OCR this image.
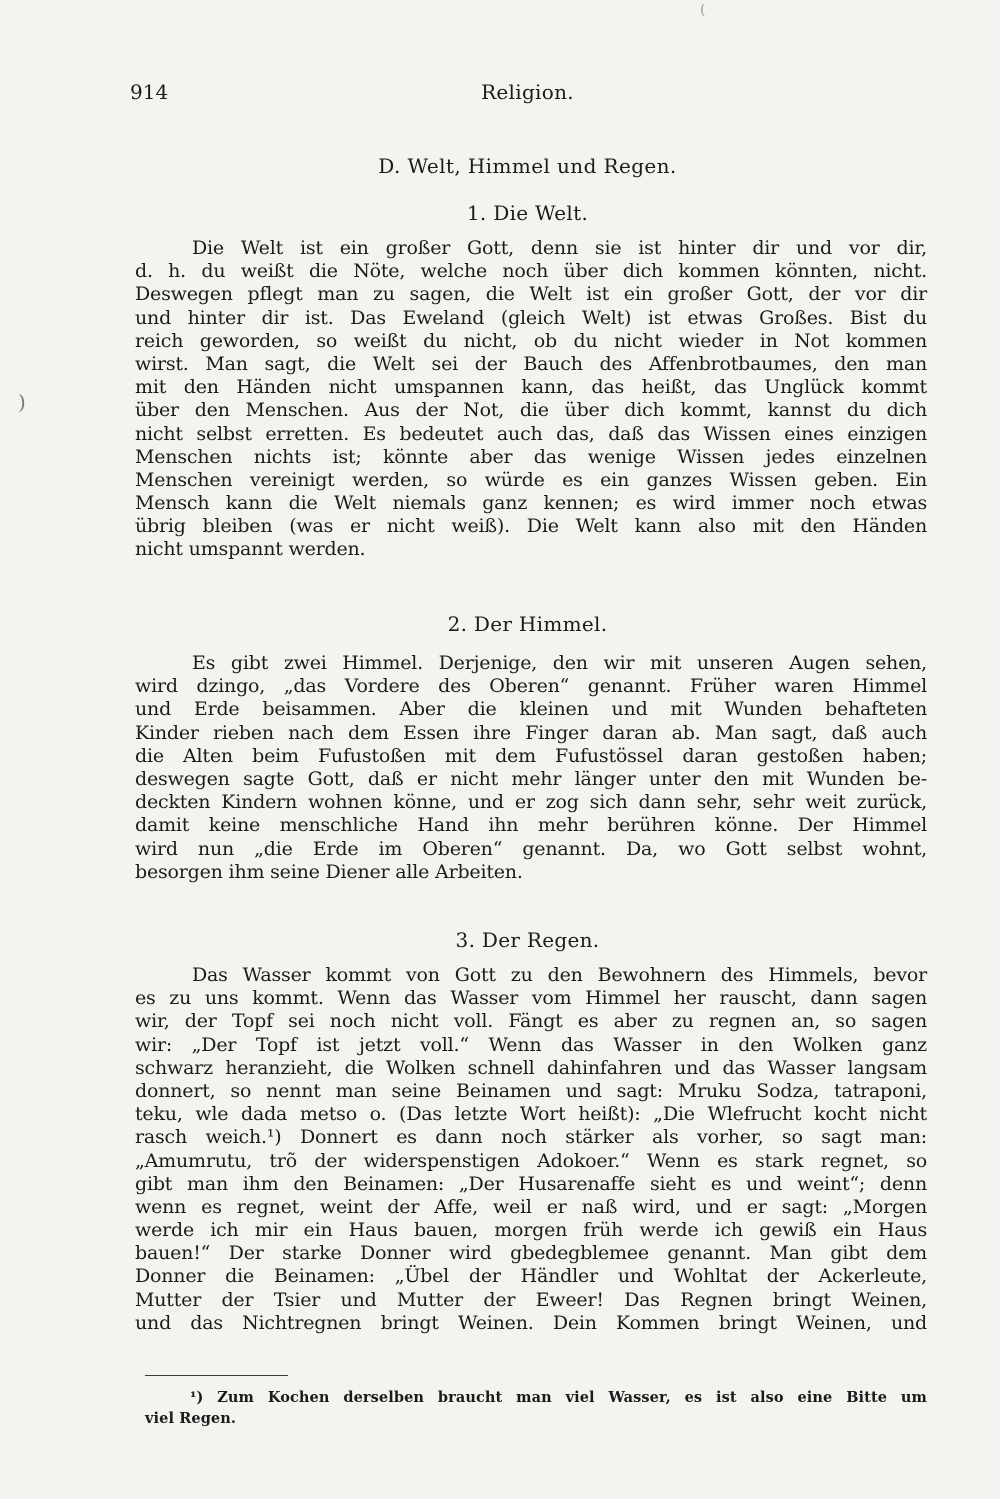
(
)
914	Religion.
D. Welt, Himmel und Regen.
1. Die Welt.
Die Welt ist ein großer Gott, denn sie ist hinter dir und vor dir,
d. h. du weißt die Nöte, welche noch über dich kommen könnten, nicht.
Deswegen pflegt man zu sagen, die Welt ist ein großer Gott, der vor dir
und hinter dir ist. Das Eweland (gleich Welt) ist etwas Großes. Bist du
reich geworden, so weißt du nicht, ob du nicht wieder in Not kommen
wirst. Man sagt, die Welt sei der Bauch des Affenbrotbaumes, den man
mit den Händen nicht umspannen kann, das heißt, das Unglück kommt
über den Menschen. Aus der Not, die über dich kommt, kannst du dich
nicht selbst erretten. Es bedeutet auch das, daß das Wissen eines einzigen
Menschen nichts ist; könnte aber das wenige Wissen jedes einzelnen
Menschen vereinigt werden, so würde es ein ganzes Wissen geben. Ein
Mensch kann die Welt niemals ganz kennen; es wird immer noch etwas
übrig bleiben (was er nicht weiß). Die Welt kann also mit den Händen
nicht umspannt werden.
2. Der Himmel.
Es gibt zwei Himmel. Derjenige, den wir mit unseren Augen sehen,
wird dzingo, „das Vordere des Oberen“ genannt. Früher waren Himmel
und Erde beisammen. Aber die kleinen und mit Wunden behafteten
Kinder rieben nach dem Essen ihre Finger daran ab. Man sagt, daß auch
die Alten beim Fufustoßen mit dem Fufustössel daran gestoßen haben;
deswegen sagte Gott, daß er nicht mehr länger unter den mit Wunden be-
deckten Kindern wohnen könne, und er zog sich dann sehr, sehr weit zurück,
damit keine menschliche Hand ihn mehr berühren könne. Der Himmel
wird nun „die Erde im Oberen“ genannt. Da, wo Gott selbst wohnt,
besorgen ihm seine Diener alle Arbeiten.
3. Der Regen.
Das Wasser kommt von Gott zu den Bewohnern des Himmels, bevor
es zu uns kommt. Wenn das Wasser vom Himmel her rauscht, dann sagen
wir, der Topf sei noch nicht voll. Fängt es aber zu regnen an, so sagen
wir: „Der Topf ist jetzt voll.“ Wenn das Wasser in den Wolken ganz
schwarz heranzieht, die Wolken schnell dahinfahren und das Wasser langsam
donnert, so nennt man seine Beinamen und sagt: Mruku Sodza, tatraponi,
teku, wle dada metso o. (Das letzte Wort heißt): „Die Wlefrucht kocht nicht
rasch weich.¹) Donnert es dann noch stärker als vorher, so sagt man:
„Amumrutu, trõ der widerspenstigen Adokoer.“ Wenn es stark regnet, so
gibt man ihm den Beinamen: „Der Husarenaffe sieht es und weint“; denn
wenn es regnet, weint der Affe, weil er naß wird, und er sagt: „Morgen
werde ich mir ein Haus bauen, morgen früh werde ich gewiß ein Haus
bauen!“ Der starke Donner wird gbedegblemee genannt. Man gibt dem
Donner die Beinamen: „Übel der Händler und Wohltat der Ackerleute,
Mutter der Tsier und Mutter der Eweer! Das Regnen bringt Weinen,
und das Nichtregnen bringt Weinen. Dein Kommen bringt Weinen, und
¹) Zum Kochen derselben braucht man viel Wasser, es ist also eine Bitte um
viel Regen.
